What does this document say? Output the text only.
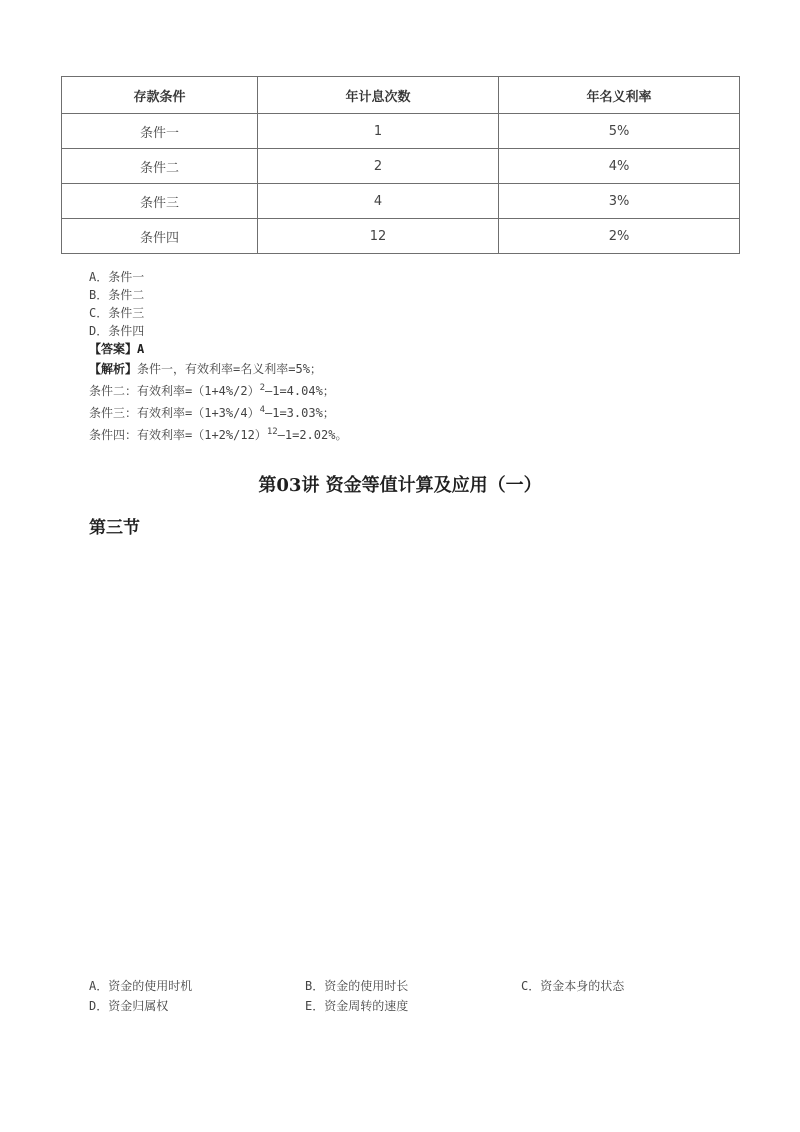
存款条件	年计息次数	年名义利率
条件一	1	5%
条件二	2	4%
条件三	4	3%
条件四	12	2%
A．条件一
B．条件二
C．条件三
D．条件四
【答案】A
【解析】条件一，有效利率=名义利率=5%；
条件二：有效利率$=(1+4\%/2)^2-1=4.04\%$；
条件三：有效利率$=(1+3\%/4)^4-1=3.03\%$；
条件四：有效利率$=(1+2\%/12)^{12}-1=2.02\%$。
第03讲 资金等值计算及应用（一）
第三节
A．资金的使用时机	B．资金的使用时长	C．资金本身的状态
D．资金归属权	E．资金周转的速度
